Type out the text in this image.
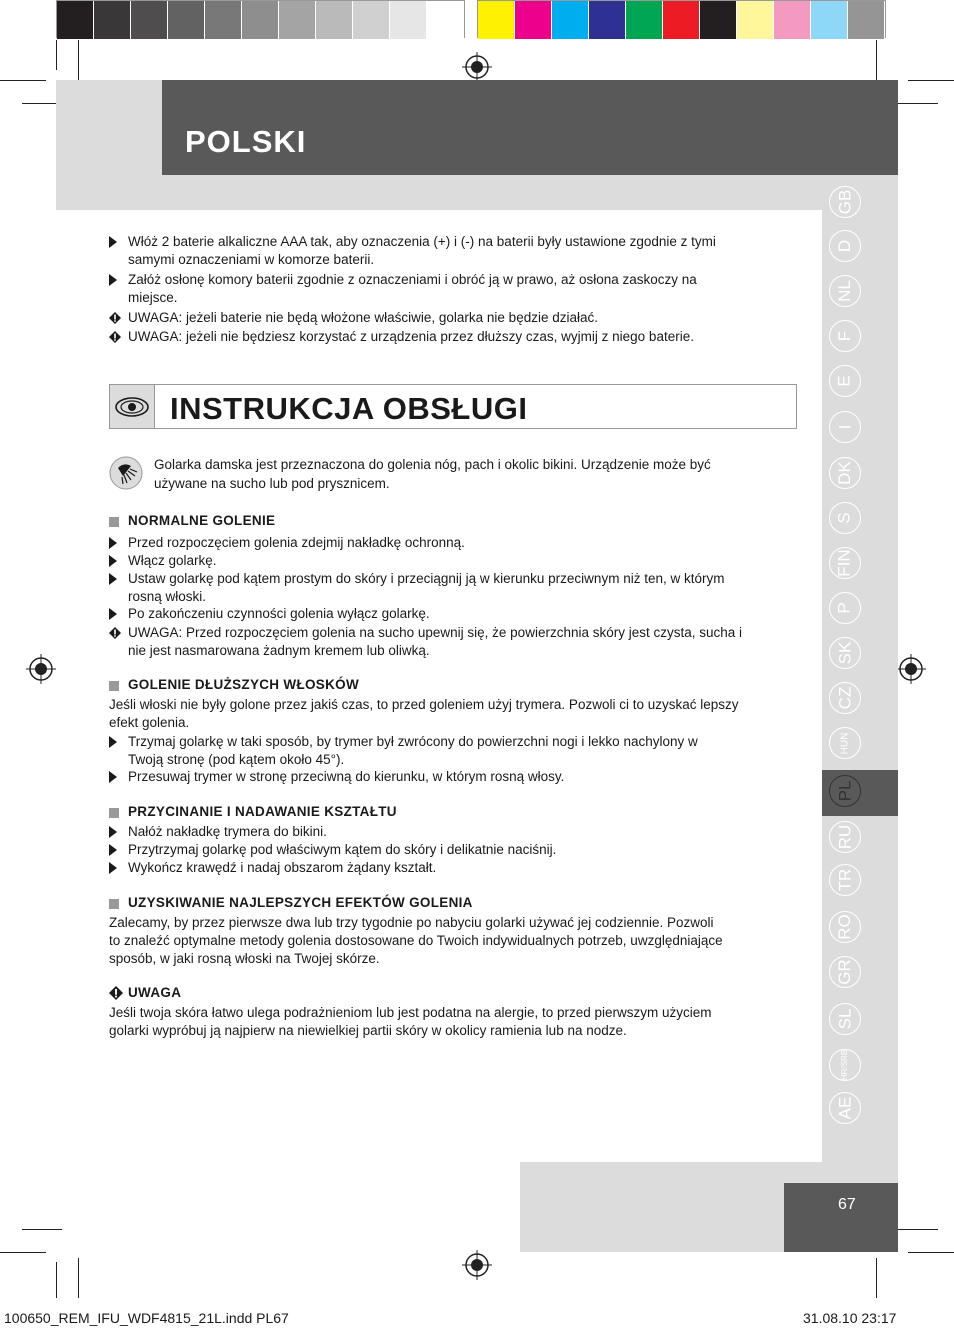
POLSKI
GB
D
NL
F
E
I
DK
S
FIN
P
SK
CZ
HUN
PL
RU
TR
RO
GR
SL
HR/SRB
AE
Włóż 2 baterie alkaliczne AAA tak, aby oznaczenia (+) i (-) na baterii były ustawione zgodnie z tymi
samymi oznaczeniami w komorze baterii.
Załóż osłonę komory baterii zgodnie z oznaczeniami i obróć ją w prawo, aż osłona zaskoczy na
miejsce.
UWAGA: jeżeli baterie nie będą włożone właściwie, golarka nie będzie działać.
UWAGA: jeżeli nie będziesz korzystać z urządzenia przez dłuższy czas, wyjmij z niego baterie.
INSTRUKCJA OBSŁUGI
Golarka damska jest przeznaczona do golenia nóg, pach i okolic bikini. Urządzenie może być
używane na sucho lub pod prysznicem.
NORMALNE GOLENIE
Przed rozpoczęciem golenia zdejmij nakładkę ochronną.
Włącz golarkę.
Ustaw golarkę pod kątem prostym do skóry i przeciągnij ją w kierunku przeciwnym niż ten, w którym
rosną włoski.
Po zakończeniu czynności golenia wyłącz golarkę.
UWAGA: Przed rozpoczęciem golenia na sucho upewnij się, że powierzchnia skóry jest czysta, sucha i
nie jest nasmarowana żadnym kremem lub oliwką.
GOLENIE DŁUŻSZYCH WŁOSKÓW
Jeśli włoski nie były golone przez jakiś czas, to przed goleniem użyj trymera. Pozwoli ci to uzyskać lepszy
efekt golenia.
Trzymaj golarkę w taki sposób, by trymer był zwrócony do powierzchni nogi i lekko nachylony w
Twoją stronę (pod kątem około 45°).
Przesuwaj trymer w stronę przeciwną do kierunku, w którym rosną włosy.
PRZYCINANIE I NADAWANIE KSZTAŁTU
Nałóż nakładkę trymera do bikini.
Przytrzymaj golarkę pod właściwym kątem do skóry i delikatnie naciśnij.
Wykończ krawędź i nadaj obszarom żądany kształt.
UZYSKIWANIE NAJLEPSZYCH EFEKTÓW GOLENIA
Zalecamy, by przez pierwsze dwa lub trzy tygodnie po nabyciu golarki używać jej codziennie. Pozwoli
to znaleźć optymalne metody golenia dostosowane do Twoich indywidualnych potrzeb, uwzględniające
sposób, w jaki rosną włoski na Twojej skórze.
UWAGA
Jeśli twoja skóra łatwo ulega podrażnieniom lub jest podatna na alergie, to przed pierwszym użyciem
golarki wypróbuj ją najpierw na niewielkiej partii skóry w okolicy ramienia lub na nodze.
67
100650_REM_IFU_WDF4815_21L.indd PL67	31.08.10 23:17
